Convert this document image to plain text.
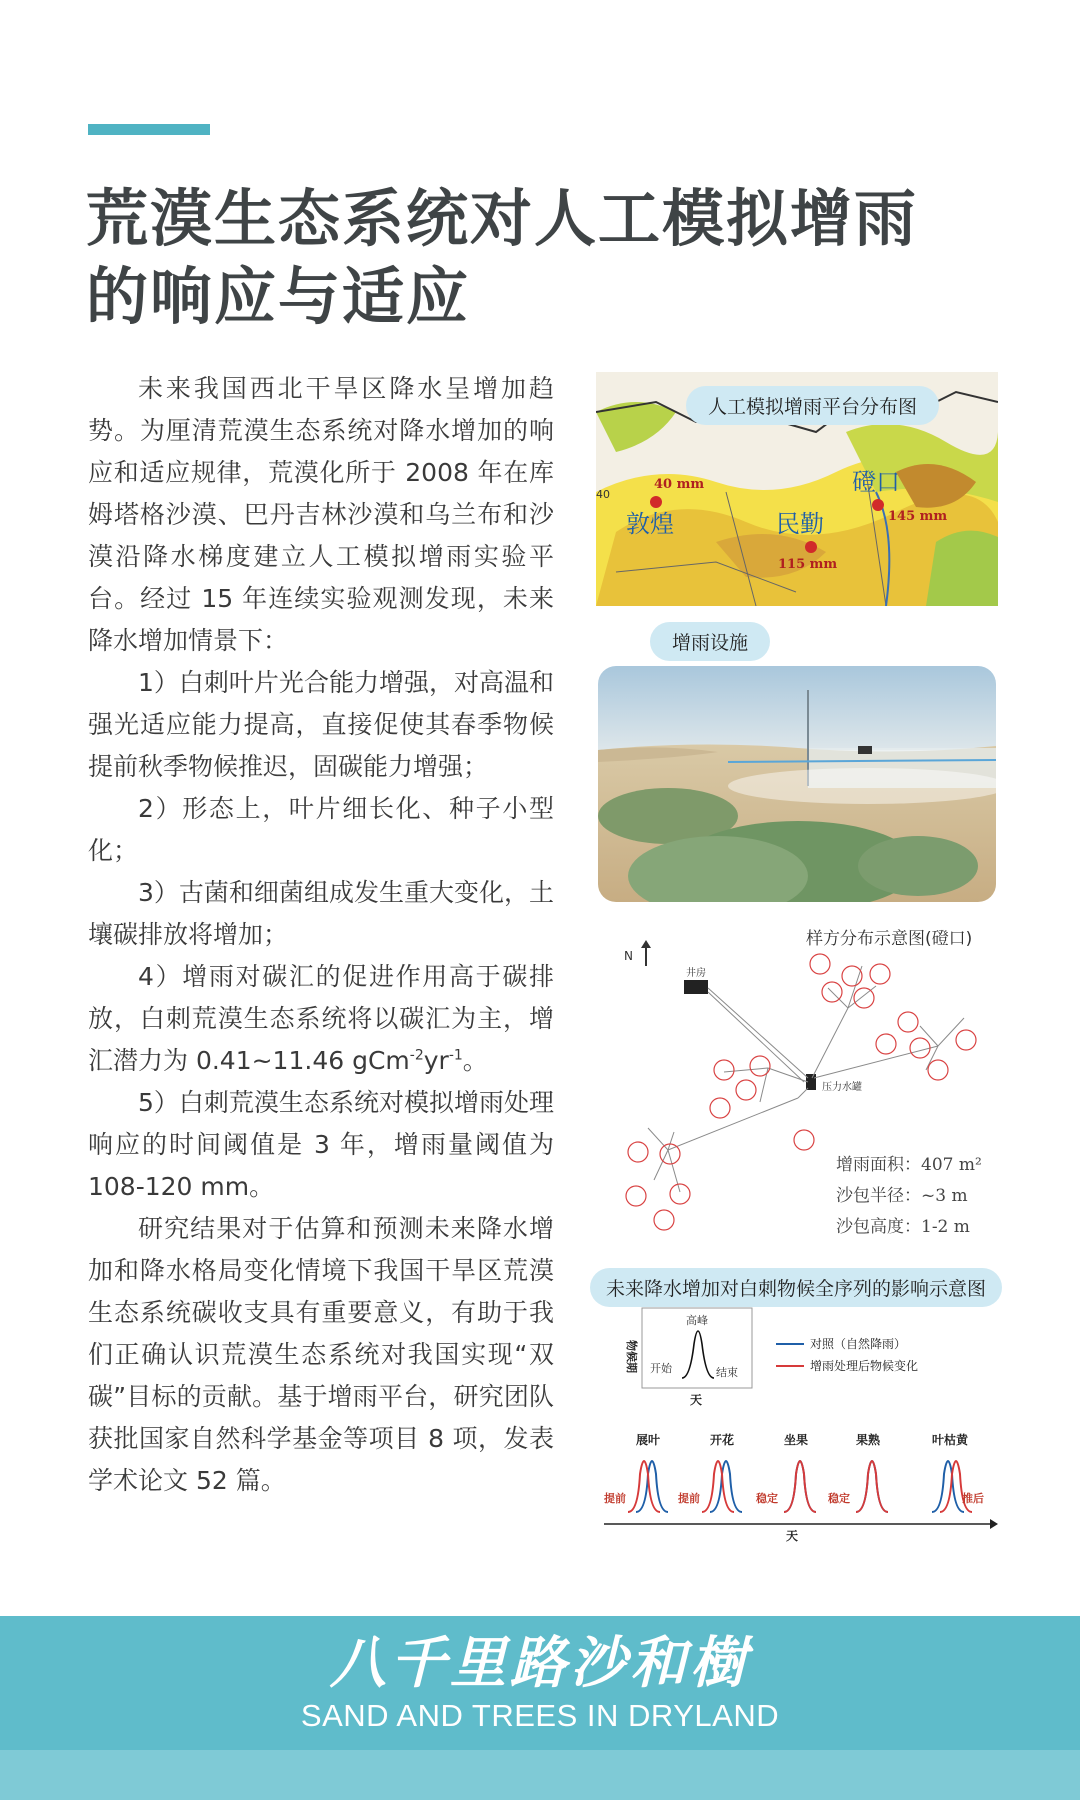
荒漠生态系统对人工模拟增雨
的响应与适应

未来我国西北干旱区降水呈增加趋势。为厘清荒漠生态系统对降水增加的响应和适应规律，荒漠化所于 2008 年在库姆塔格沙漠、巴丹吉林沙漠和乌兰布和沙漠沿降水梯度建立人工模拟增雨实验平台。经过 15 年连续实验观测发现，未来降水增加情景下：

1）白刺叶片光合能力增强，对高温和强光适应能力提高，直接促使其春季物候提前秋季物候推迟，固碳能力增强；

2）形态上，叶片细长化、种子小型化；

3）古菌和细菌组成发生重大变化，土壤碳排放将增加；

4）增雨对碳汇的促进作用高于碳排放，白刺荒漠生态系统将以碳汇为主，增汇潜力为 0.41~11.46 $gCm^{-2}yr^{-1}$。

5）白刺荒漠生态系统对模拟增雨处理响应的时间阈值是 3 年，增雨量阈值为 108-120 mm。

研究结果对于估算和预测未来降水增加和降水格局变化情境下我国干旱区荒漠生态系统碳收支具有重要意义，有助于我们正确认识荒漠生态系统对我国实现“双碳”目标的贡献。基于增雨平台，研究团队获批国家自然科学基金等项目 8 项，发表学术论文 52 篇。

40 mm
敦煌	民勤
115 mm
磴口
145 mm
40
人工模拟增雨平台分布图
增雨设施
样方分布示意图(磴口)
N
井房
压力水罐
增雨面积：407 m²
沙包半径：~3 m
沙包高度：1-2 m
未来降水增加对白刺物候全序列的影响示意图
物候期
高峰
开始	结束
天
对照（自然降雨）
增雨处理后物候变化
展叶
提前
开花
提前
坐果
稳定
果熟
稳定
叶枯黄
推后
天
八千里路沙和樹
SAND AND TREES IN DRYLAND
